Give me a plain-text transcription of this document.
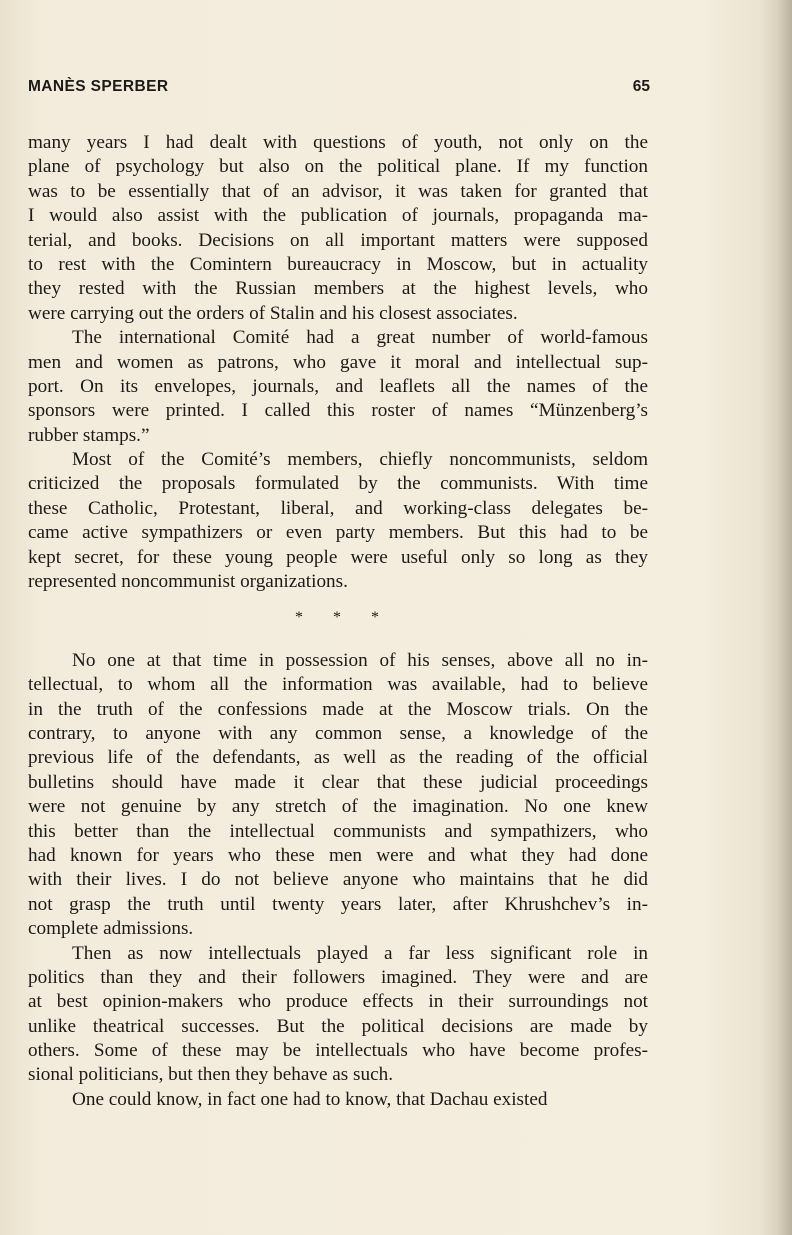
MANÈS SPERBER	65

many years I had dealt with questions of youth, not only on the
plane of psychology but also on the political plane. If my function
was to be essentially that of an advisor, it was taken for granted that
I would also assist with the publication of journals, propaganda ma-
terial, and books. Decisions on all important matters were supposed
to rest with the Comintern bureaucracy in Moscow, but in actuality
they rested with the Russian members at the highest levels, who
were carrying out the orders of Stalin and his closest associates.

The international Comité had a great number of world-famous
men and women as patrons, who gave it moral and intellectual sup-
port. On its envelopes, journals, and leaflets all the names of the
sponsors were printed. I called this roster of names “Münzenberg’s
rubber stamps.”

Most of the Comité’s members, chiefly noncommunists, seldom
criticized the proposals formulated by the communists. With time
these Catholic, Protestant, liberal, and working-class delegates be-
came active sympathizers or even party members. But this had to be
kept secret, for these young people were useful only so long as they
represented noncommunist organizations.

* * *

No one at that time in possession of his senses, above all no in-
tellectual, to whom all the information was available, had to believe
in the truth of the confessions made at the Moscow trials. On the
contrary, to anyone with any common sense, a knowledge of the
previous life of the defendants, as well as the reading of the official
bulletins should have made it clear that these judicial proceedings
were not genuine by any stretch of the imagination. No one knew
this better than the intellectual communists and sympathizers, who
had known for years who these men were and what they had done
with their lives. I do not believe anyone who maintains that he did
not grasp the truth until twenty years later, after Khrushchev’s in-
complete admissions.

Then as now intellectuals played a far less significant role in
politics than they and their followers imagined. They were and are
at best opinion-makers who produce effects in their surroundings not
unlike theatrical successes. But the political decisions are made by
others. Some of these may be intellectuals who have become profes-
sional politicians, but then they behave as such.

One could know, in fact one had to know, that Dachau existed
